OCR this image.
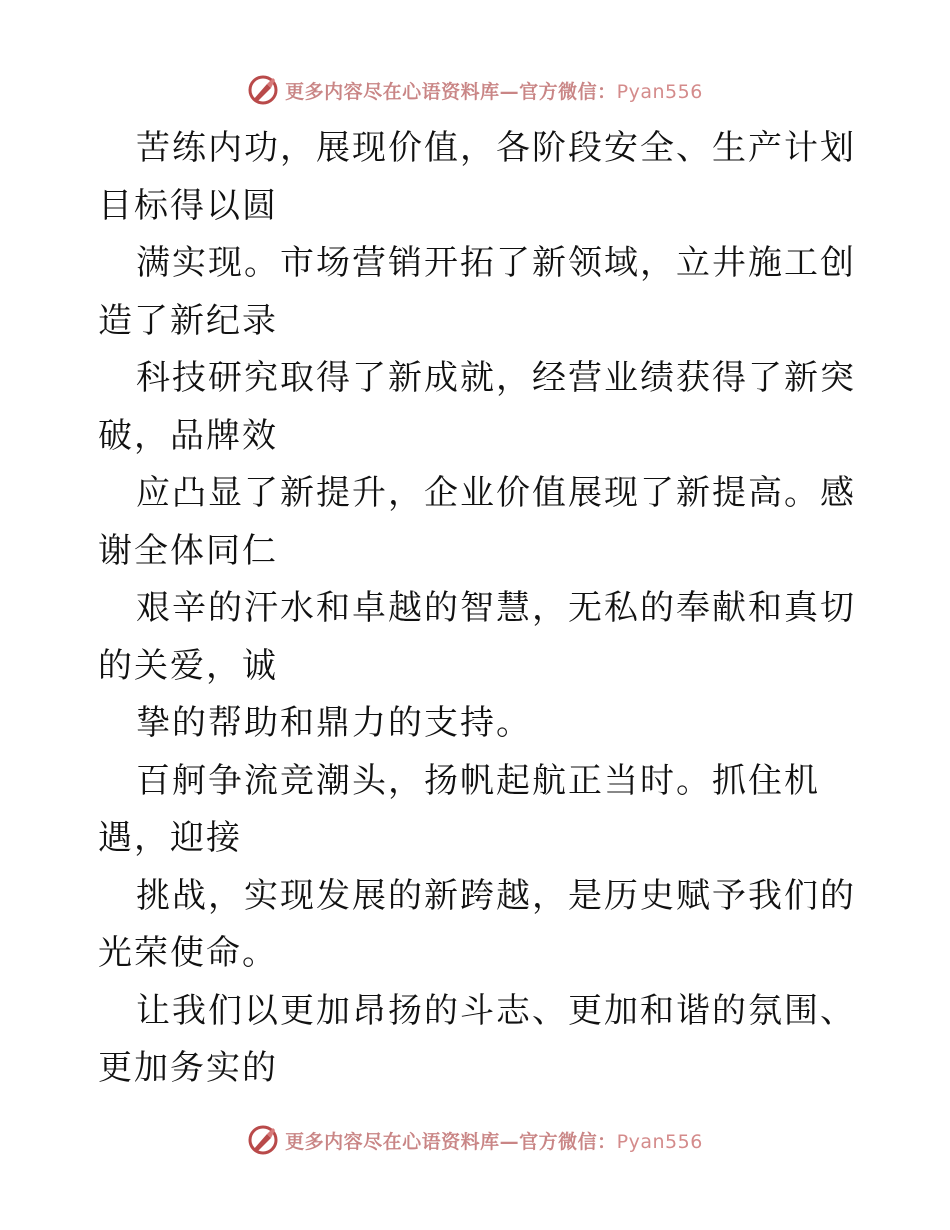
更多内容尽在心语资料库—官方微信：Pyan556

苦练内功，展现价值，各阶段安全、生产计划目标得以圆

满实现。市场营销开拓了新领域，立井施工创造了新纪录

科技研究取得了新成就，经营业绩获得了新突破，品牌效

应凸显了新提升，企业价值展现了新提高。感谢全体同仁

艰辛的汗水和卓越的智慧，无私的奉献和真切的关爱，诚

挚的帮助和鼎力的支持。

百舸争流竞潮头，扬帆起航正当时。抓住机遇，迎接

挑战，实现发展的新跨越，是历史赋予我们的光荣使命。

让我们以更加昂扬的斗志、更加和谐的氛围、更加务实的

更多内容尽在心语资料库—官方微信：Pyan556
